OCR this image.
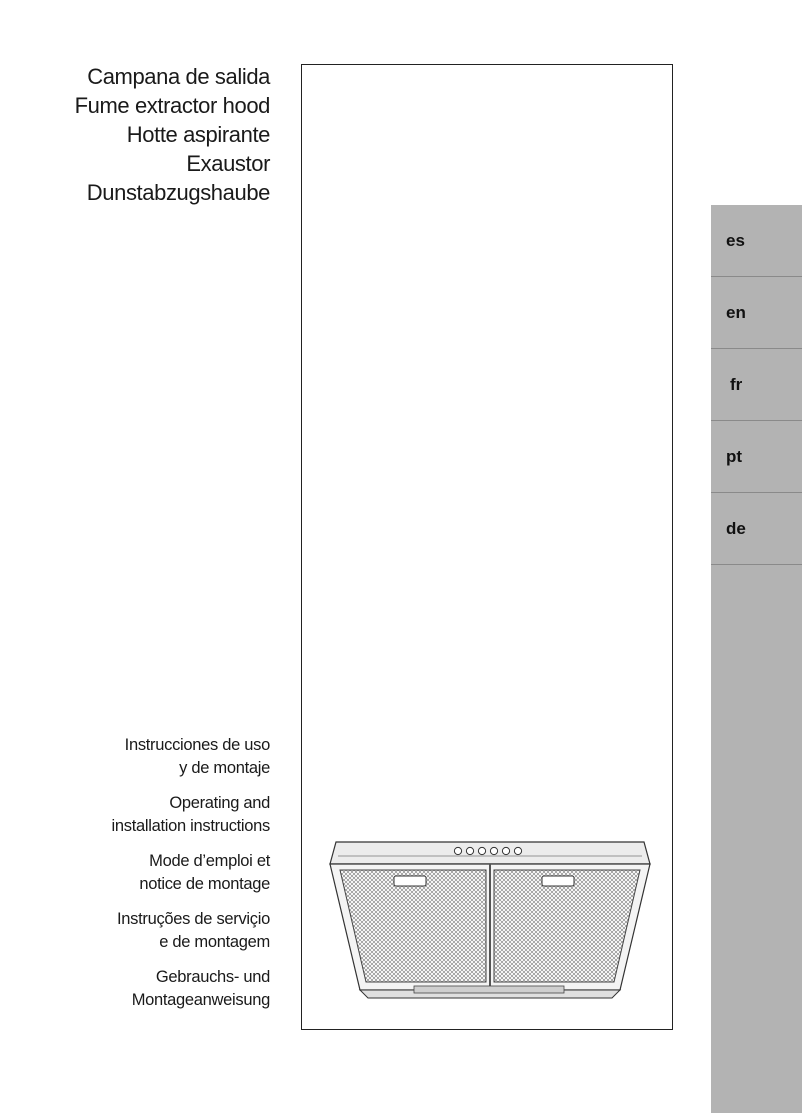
Campana de salida
Fume extractor hood
Hotte aspirante
Exaustor
Dunstabzugshaube
Instrucciones de uso
y de montaje
Operating and
installation instructions
Mode d’emploi et
notice de montage
Instruções de serviçio
e de montagem
Gebrauchs- und
Montageanweisung
es
en
fr
pt
de
